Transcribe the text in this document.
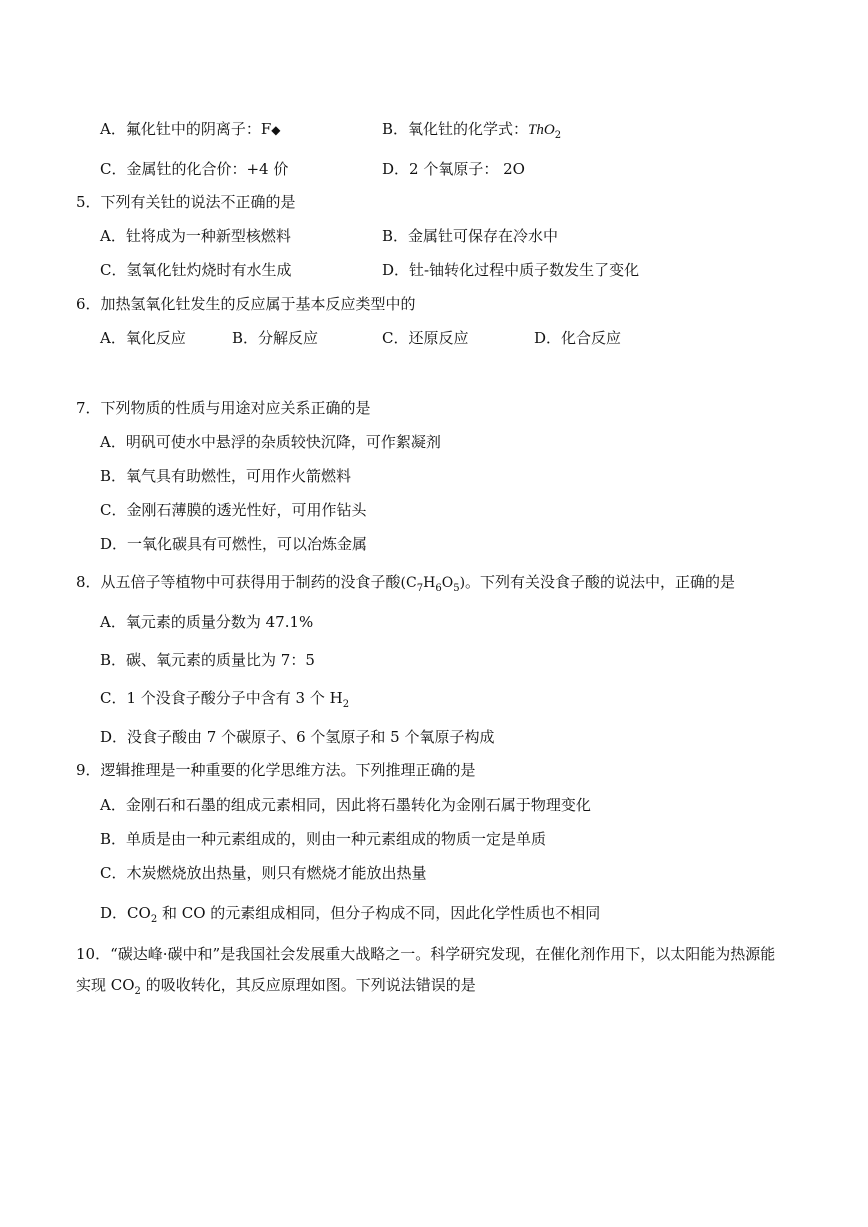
A．氟化钍中的阴离子：F◆	B．氧化钍的化学式：ThO$_2$
C．金属钍的化合价：+4 价	D．2 个氧原子： 2O
5．下列有关钍的说法不正确的是
A．钍将成为一种新型核燃料	B．金属钍可保存在冷水中
C．氢氧化钍灼烧时有水生成	D．钍-铀转化过程中质子数发生了变化
6．加热氢氧化钍发生的反应属于基本反应类型中的
A．氧化反应	B．分解反应	C．还原反应	D．化合反应
7．下列物质的性质与用途对应关系正确的是
A．明矾可使水中悬浮的杂质较快沉降，可作絮凝剂
B．氧气具有助燃性，可用作火箭燃料
C．金刚石薄膜的透光性好，可用作钻头
D．一氧化碳具有可燃性，可以冶炼金属
8．从五倍子等植物中可获得用于制药的没食子酸$(C_7H_6O_5)$。下列有关没食子酸的说法中，正确的是
A．氧元素的质量分数为 47.1%
B．碳、氧元素的质量比为 7：5
C．1 个没食子酸分子中含有 3 个 $H_2$
D．没食子酸由 7 个碳原子、6 个氢原子和 5 个氧原子构成
9．逻辑推理是一种重要的化学思维方法。下列推理正确的是
A．金刚石和石墨的组成元素相同，因此将石墨转化为金刚石属于物理变化
B．单质是由一种元素组成的，则由一种元素组成的物质一定是单质
C．木炭燃烧放出热量，则只有燃烧才能放出热量
D．$CO_2$ 和 CO 的元素组成相同，但分子构成不同，因此化学性质也不相同
10．“碳达峰·碳中和”是我国社会发展重大战略之一。科学研究发现，在催化剂作用下，以太阳能为热源能
实现 $CO_2$ 的吸收转化，其反应原理如图。下列说法错误的是
